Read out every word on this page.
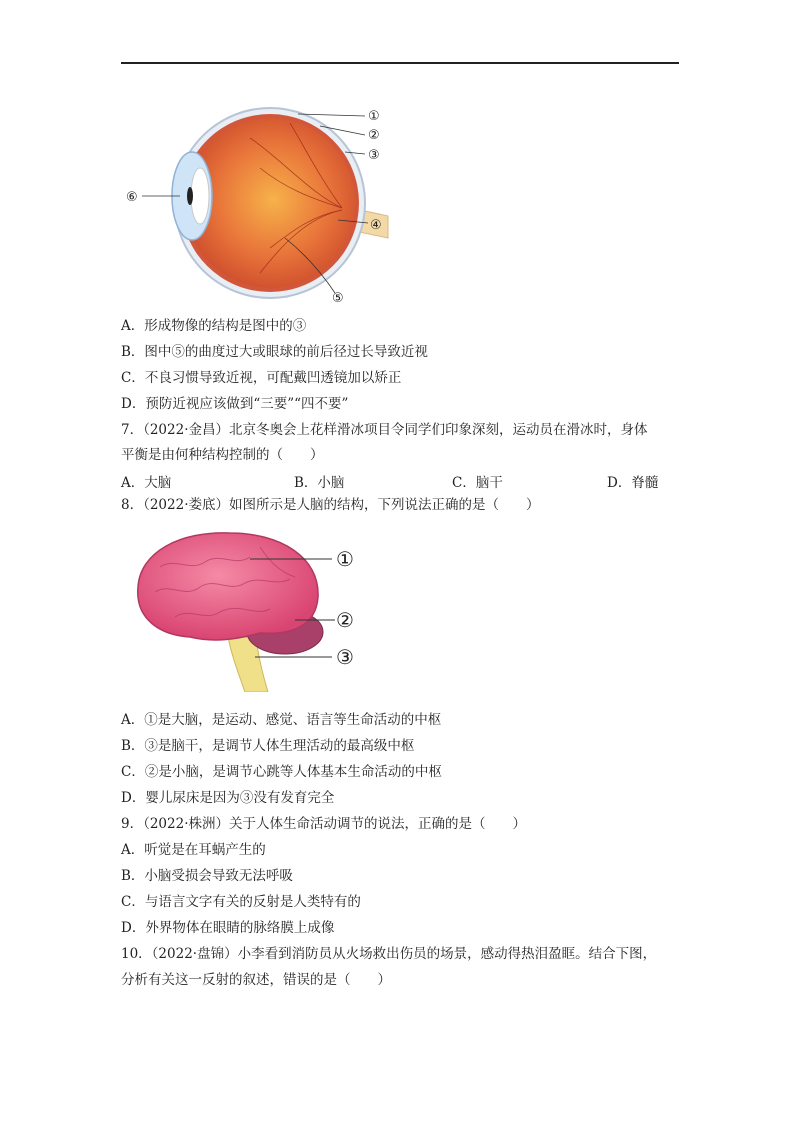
①
②
③
④
⑤
⑥
A．形成物像的结构是图中的③
B．图中⑤的曲度过大或眼球的前后径过长导致近视
C．不良习惯导致近视，可配戴凹透镜加以矫正
D．预防近视应该做到“三要”“四不要”
7．（2022·金昌）北京冬奥会上花样滑冰项目令同学们印象深刻，运动员在滑冰时，身体
平衡是由何种结构控制的（　　）
A．大脑	B．小脑	C．脑干	D．脊髓
8．（2022·娄底）如图所示是人脑的结构，下列说法正确的是（　　）
①
②
③
A．①是大脑，是运动、感觉、语言等生命活动的中枢
B．③是脑干，是调节人体生理活动的最高级中枢
C．②是小脑，是调节心跳等人体基本生命活动的中枢
D．婴儿尿床是因为③没有发育完全
9．（2022·株洲）关于人体生命活动调节的说法，正确的是（　　）
A．听觉是在耳蜗产生的
B．小脑受损会导致无法呼吸
C．与语言文字有关的反射是人类特有的
D．外界物体在眼睛的脉络膜上成像
10．（2022·盘锦）小李看到消防员从火场救出伤员的场景，感动得热泪盈眶。结合下图，
分析有关这一反射的叙述，错误的是（　　）
